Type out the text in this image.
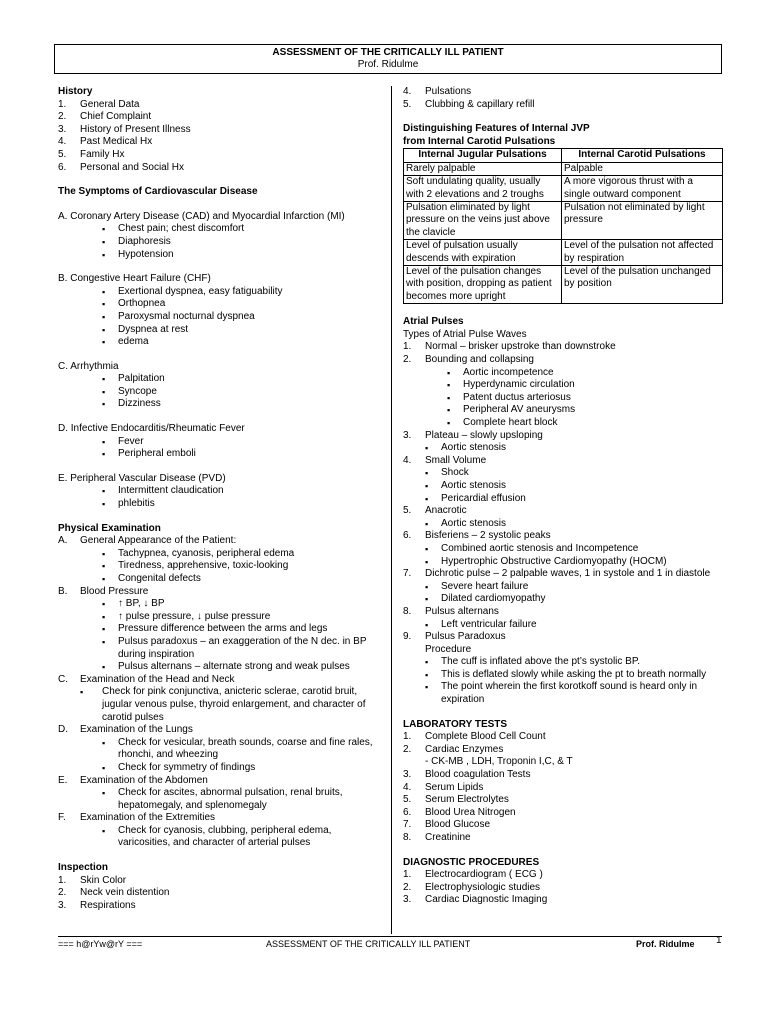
ASSESSMENT OF THE CRITICALLY ILL PATIENT
Prof. Ridulme
History
1. General Data
2. Chief Complaint
3. History of Present Illness
4. Past Medical Hx
5. Family Hx
6. Personal and Social Hx
The Symptoms of Cardiovascular Disease
A. Coronary Artery Disease (CAD) and Myocardial Infarction (MI)
▪ Chest pain; chest discomfort
▪ Diaphoresis
▪ Hypotension
B. Congestive Heart Failure (CHF)
▪ Exertional dyspnea, easy fatiguability
▪ Orthopnea
▪ Paroxysmal nocturnal dyspnea
▪ Dyspnea at rest
▪ edema
C. Arrhythmia
▪ Palpitation
▪ Syncope
▪ Dizziness
D. Infective Endocarditis/Rheumatic Fever
▪ Fever
▪ Peripheral emboli
E. Peripheral Vascular Disease (PVD)
▪ Intermittent claudication
▪ phlebitis
Physical Examination
A. General Appearance of the Patient:
▪ Tachypnea, cyanosis, peripheral edema
▪ Tiredness, apprehensive, toxic-looking
▪ Congenital defects
B. Blood Pressure
▪ ↑ BP, ↓ BP
▪ ↑ pulse pressure, ↓ pulse pressure
▪ Pressure difference between the arms and legs
▪ Pulsus paradoxus – an exaggeration of the N dec. in BP during inspiration
▪ Pulsus alternans – alternate strong and weak pulses
C. Examination of the Head and Neck
▪ Check for pink conjunctiva, anicteric sclerae, carotid bruit, jugular venous pulse, thyroid enlargement, and character of carotid pulses
D. Examination of the Lungs
▪ Check for vesicular, breath sounds, coarse and fine rales, rhonchi, and wheezing
▪ Check for symmetry of findings
E. Examination of the Abdomen
▪ Check for ascites, abnormal pulsation, renal bruits, hepatomegaly, and splenomegaly
F. Examination of the Extremities
▪ Check for cyanosis, clubbing, peripheral edema, varicosities, and character of arterial pulses
Inspection
1. Skin Color
2. Neck vein distention
3. Respirations
4. Pulsations
5. Clubbing & capillary refill
Distinguishing Features of Internal JVP
from Internal Carotid Pulsations
Internal Jugular Pulsations	Internal Carotid Pulsations
Rarely palpable	Palpable
Soft undulating quality, usually with 2 elevations and 2 troughs	A more vigorous thrust with a single outward component
Pulsation eliminated by light pressure on the veins just above the clavicle	Pulsation not eliminated by light pressure
Level of pulsation usually descends with expiration	Level of the pulsation not affected by respiration
Level of the pulsation changes with position, dropping as patient becomes more upright	Level of the pulsation unchanged by position
Atrial Pulses
Types of Atrial Pulse Waves
1. Normal – brisker upstroke than downstroke
2. Bounding and collapsing
▪ Aortic incompetence
▪ Hyperdynamic circulation
▪ Patent ductus arteriosus
▪ Peripheral AV aneurysms
▪ Complete heart block
3. Plateau – slowly upsloping
▪ Aortic stenosis
4. Small Volume
▪ Shock
▪ Aortic stenosis
▪ Pericardial effusion
5. Anacrotic
▪ Aortic stenosis
6. Bisferiens – 2 systolic peaks
▪ Combined aortic stenosis and Incompetence
▪ Hypertrophic Obstructive Cardiomyopathy (HOCM)
7. Dichrotic pulse – 2 palpable waves, 1 in systole and 1 in diastole
▪ Severe heart failure
▪ Dilated cardiomyopathy
8. Pulsus alternans
▪ Left ventricular failure
9. Pulsus Paradoxus
Procedure
▪ The cuff is inflated above the pt’s systolic BP.
▪ This is deflated slowly while asking the pt to breath normally
▪ The point wherein the first korotkoff sound is heard only in expiration
LABORATORY TESTS
1. Complete Blood Cell Count
2. Cardiac Enzymes
- CK-MB , LDH, Troponin I,C, & T
3. Blood coagulation Tests
4. Serum Lipids
5. Serum Electrolytes
6. Blood Urea Nitrogen
7. Blood Glucose
8. Creatinine
DIAGNOSTIC PROCEDURES
1. Electrocardiogram ( ECG )
2. Electrophysiologic studies
3. Cardiac Diagnostic Imaging
=== h@rYw@rY ===	ASSESSMENT OF THE CRITICALLY ILL PATIENT	Prof. Ridulme 1
